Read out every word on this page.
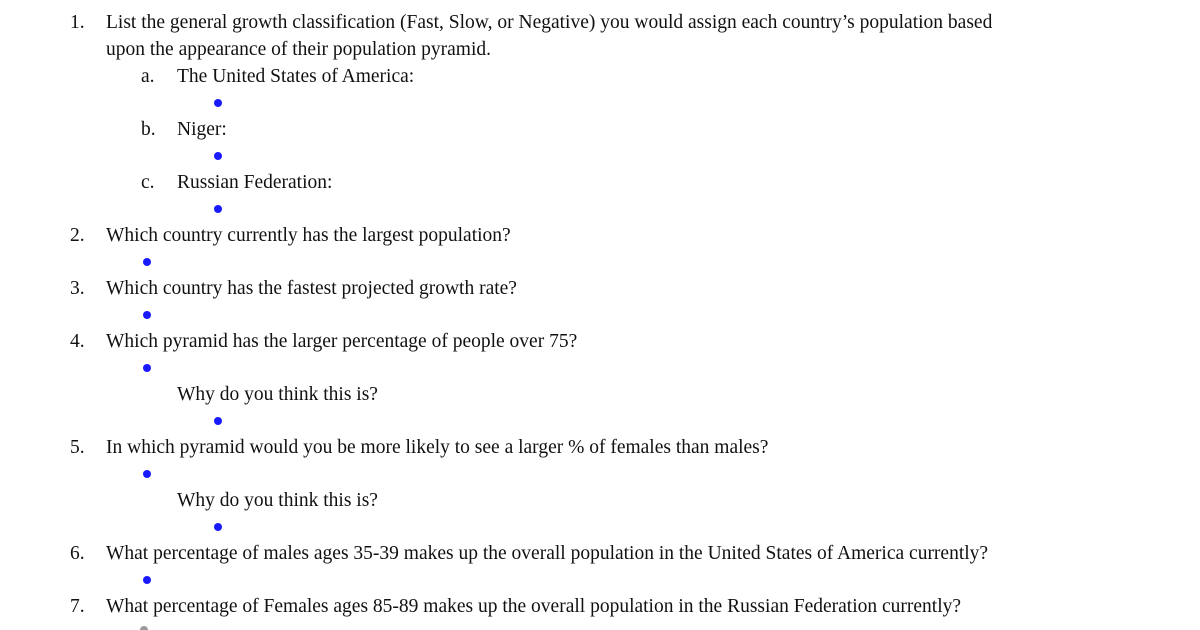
1. List the general growth classification (Fast, Slow, or Negative) you would assign each country’s population based
upon the appearance of their population pyramid.
a. The United States of America:
b. Niger:
c. Russian Federation:
2. Which country currently has the largest population?
3. Which country has the fastest projected growth rate?
4. Which pyramid has the larger percentage of people over 75?
Why do you think this is?
5. In which pyramid would you be more likely to see a larger % of females than males?
Why do you think this is?
6. What percentage of males ages 35-39 makes up the overall population in the United States of America currently?
7. What percentage of Females ages 85-89 makes up the overall population in the Russian Federation currently?
